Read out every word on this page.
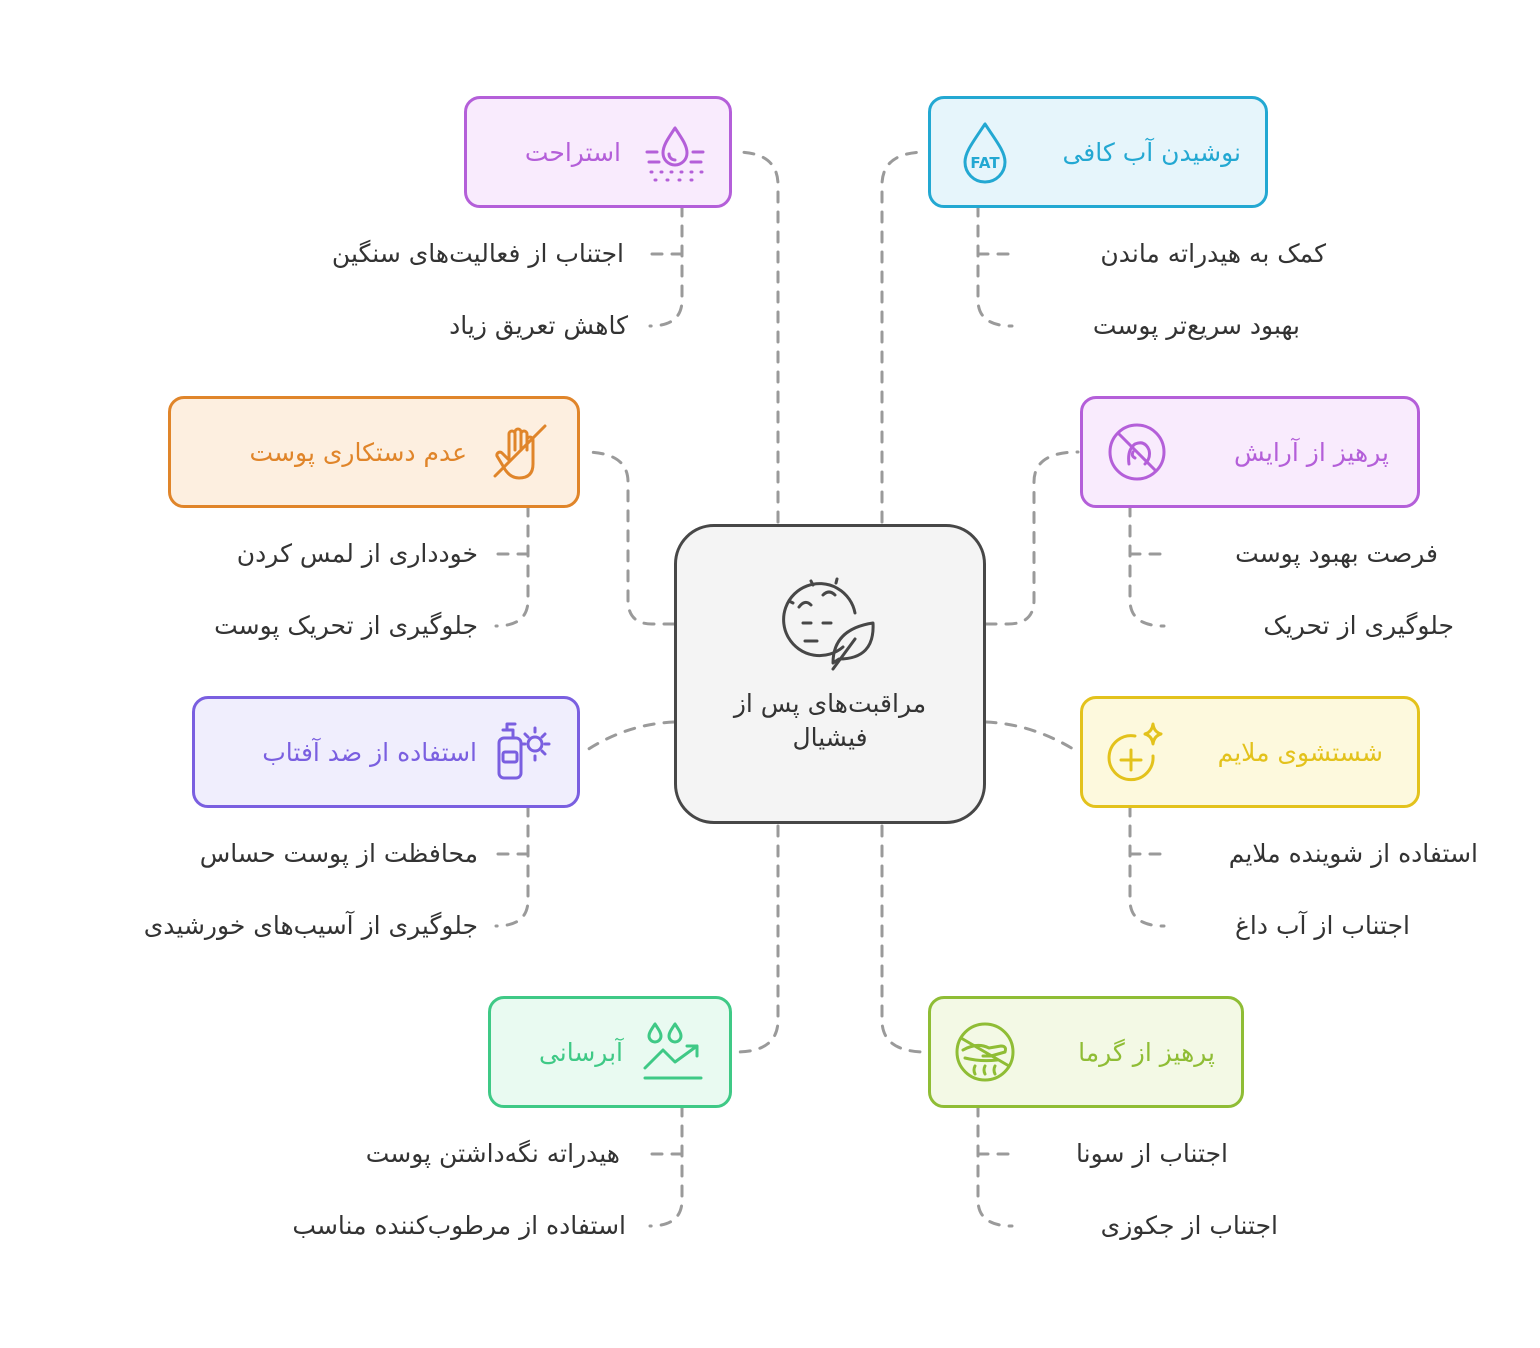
مراقبت‌های پس از فیشیال
استراحت
اجتناب از فعالیت‌های سنگین
کاهش تعریق زیاد
FAT	نوشیدن آب کافی
کمک به هیدراته ماندن
بهبود سریع‌تر پوست
عدم دستکاری پوست
خودداری از لمس کردن
جلوگیری از تحریک پوست
پرهیز از آرایش
فرصت بهبود پوست
جلوگیری از تحریک
استفاده از ضد آفتاب
محافظت از پوست حساس
جلوگیری از آسیب‌های خورشیدی
شستشوی ملایم
استفاده از شوینده ملایم
اجتناب از آب داغ
آبرسانی
هیدراته نگه‌داشتن پوست
استفاده از مرطوب‌کننده مناسب
پرهیز از گرما
اجتناب از سونا
اجتناب از جکوزی
